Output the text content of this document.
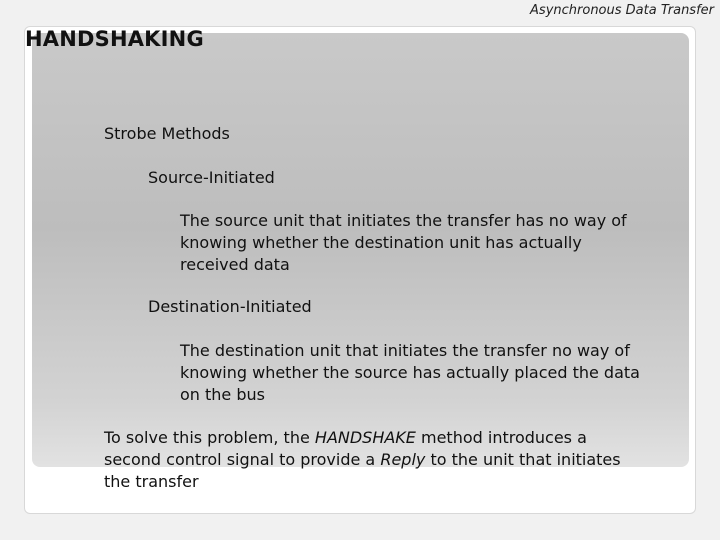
Asynchronous Data Transfer
HANDSHAKING
Strobe Methods
Source-Initiated
The source unit that initiates the transfer has no way of knowing whether the destination unit has actually received data
Destination-Initiated
The destination unit that initiates the transfer no way of knowing whether the source has actually placed the data on the bus
To solve this problem, the HANDSHAKE method introduces a second control signal to provide a Reply to the unit that initiates the transfer
